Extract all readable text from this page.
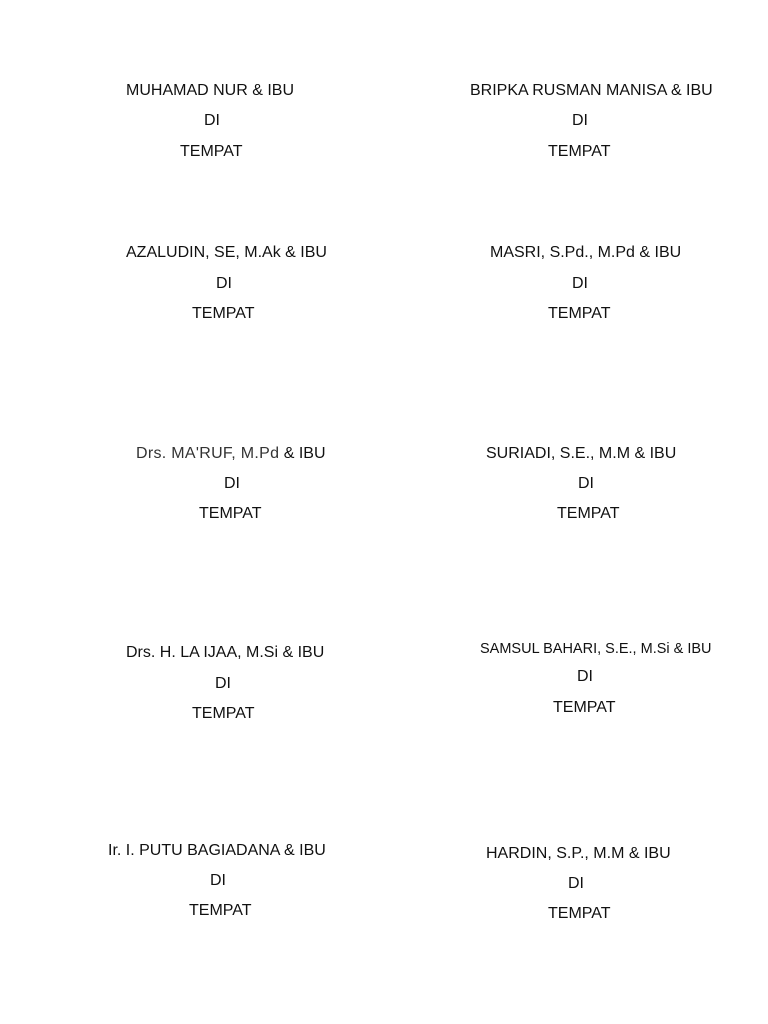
MUHAMAD NUR & IBU
DI
TEMPAT
BRIPKA RUSMAN MANISA & IBU
DI
TEMPAT
AZALUDIN, SE, M.Ak & IBU
DI
TEMPAT
MASRI, S.Pd., M.Pd & IBU
DI
TEMPAT
Drs. MA'RUF, M.Pd & IBU
DI
TEMPAT
SURIADI, S.E., M.M & IBU
DI
TEMPAT
Drs. H. LA IJAA, M.Si & IBU
DI
TEMPAT
SAMSUL BAHARI, S.E., M.Si & IBU
DI
TEMPAT
Ir. I. PUTU BAGIADANA & IBU
DI
TEMPAT
HARDIN, S.P., M.M & IBU
DI
TEMPAT
